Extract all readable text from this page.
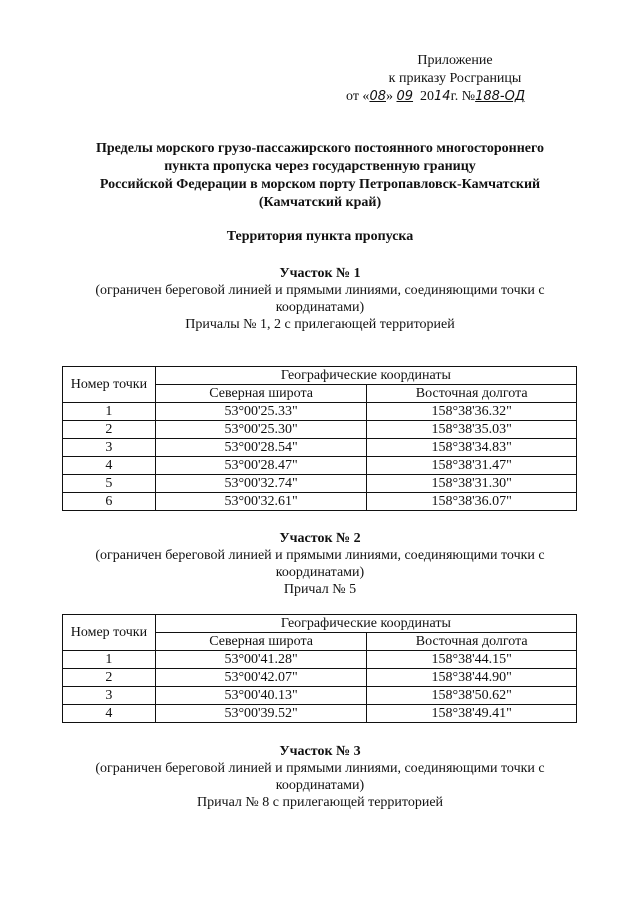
Приложение
к приказу Росграницы
от «08» 09 2014г. №188-ОД
Пределы морского грузо-пассажирского постоянного многостороннего
пункта пропуска через государственную границу
Российской Федерации в морском порту Петропавловск-Камчатский
(Камчатский край)
Территория пункта пропуска
Участок № 1
(ограничен береговой линией и прямыми линиями, соединяющими точки с
координатами)
Причалы № 1, 2 с прилегающей территорией
Номер точки	Географические координаты	
	Северная широта	Восточная долгота
1	53°00'25.33"	158°38'36.32"
2	53°00'25.30"	158°38'35.03"
3	53°00'28.54"	158°38'34.83"
4	53°00'28.47"	158°38'31.47"
5	53°00'32.74"	158°38'31.30"
6	53°00'32.61"	158°38'36.07"
Участок № 2
(ограничен береговой линией и прямыми линиями, соединяющими точки с
координатами)
Причал № 5
Номер точки	Географические координаты	
	Северная широта	Восточная долгота
1	53°00'41.28"	158°38'44.15"
2	53°00'42.07"	158°38'44.90"
3	53°00'40.13"	158°38'50.62"
4	53°00'39.52"	158°38'49.41"
Участок № 3
(ограничен береговой линией и прямыми линиями, соединяющими точки с
координатами)
Причал № 8 с прилегающей территорией
